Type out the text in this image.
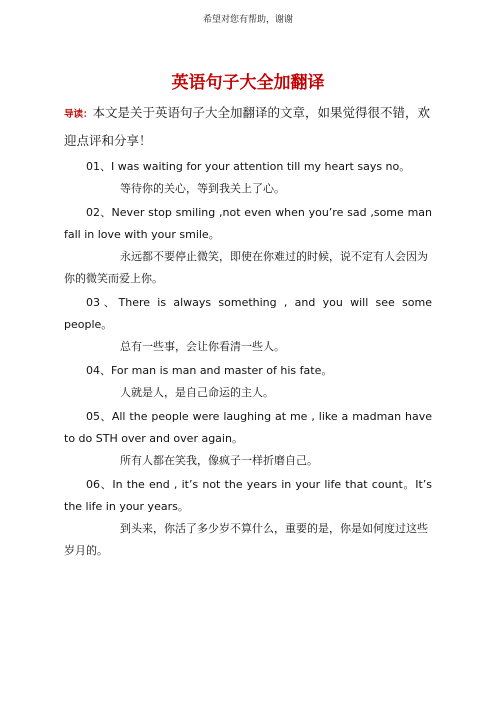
希望对您有帮助，谢谢
英语句子大全加翻译
导读：本文是关于英语句子大全加翻译的文章，如果觉得很不错，欢迎点评和分享！

01、I was waiting for your attention till my heart says no。

等待你的关心，等到我关上了心。

02、Never stop smiling ,not even when you’re sad ,some man fall in love with your smile。

永远都不要停止微笑，即使在你难过的时候，说不定有人会因为你的微笑而爱上你。

03、There is always something , and you will see some people。

总有一些事，会让你看清一些人。

04、For man is man and master of his fate。

人就是人，是自己命运的主人。

05、All the people were laughing at me , like a madman have to do STH over and over again。

所有人都在笑我，像疯子一样折磨自己。

06、In the end , it’s not the years in your life that count。It’s the life in your years。

到头来，你活了多少岁不算什么，重要的是，你是如何度过这些岁月的。
